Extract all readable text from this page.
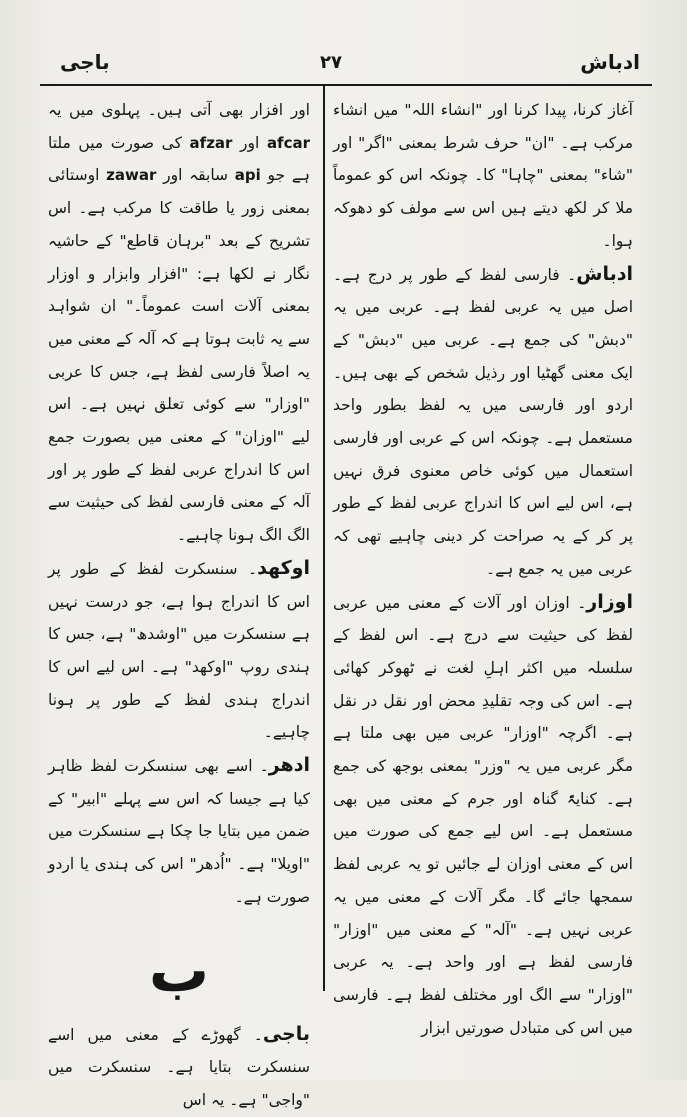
ادباش
۲۷
باجی

آغاز کرنا، پیدا کرنا اور "انشاء اللہ" میں انشاء مرکب ہے۔ "ان" حرف شرط بمعنی "اگر" اور "شاء" بمعنی "چاہا" کا۔ چونکہ اس کو عموماً ملا کر لکھ دیتے ہیں اس سے مولف کو دھوکہ ہوا۔

ادباش۔ فارسی لفظ کے طور پر درج ہے۔ اصل میں یہ عربی لفظ ہے۔ عربی میں یہ "دبش" کی جمع ہے۔ عربی میں "دبش" کے ایک معنی گھٹیا اور رذیل شخص کے بھی ہیں۔ اردو اور فارسی میں یہ لفظ بطور واحد مستعمل ہے۔ چونکہ اس کے عربی اور فارسی استعمال میں کوئی خاص معنوی فرق نہیں ہے، اس لیے اس کا اندراج عربی لفظ کے طور پر کر کے یہ صراحت کر دینی چاہیے تھی کہ عربی میں یہ جمع ہے۔

اوزار۔ اوزان اور آلات کے معنی میں عربی لفظ کی حیثیت سے درج ہے۔ اس لفظ کے سلسلہ میں اکثر اہلِ لغت نے ٹھوکر کھائی ہے۔ اس کی وجہ تقلیدِ محض اور نقل در نقل ہے۔ اگرچہ "اوزار" عربی میں بھی ملتا ہے مگر عربی میں یہ "وزر" بمعنی بوجھ کی جمع ہے۔ کنایۃً گناہ اور جرم کے معنی میں بھی مستعمل ہے۔ اس لیے جمع کی صورت میں اس کے معنی اوزان لے جائیں تو یہ عربی لفظ سمجھا جائے گا۔ مگر آلات کے معنی میں یہ عربی نہیں ہے۔ "آلہ" کے معنی میں "اوزار" فارسی لفظ ہے اور واحد ہے۔ یہ عربی "اوزار" سے الگ اور مختلف لفظ ہے۔ فارسی میں اس کی متبادل صورتیں ابزار

اور افزار بھی آتی ہیں۔ پہلوی میں یہ afcar اور afzar کی صورت میں ملتا ہے جو api سابقہ اور zawar اوستائی بمعنی زور یا طاقت کا مرکب ہے۔ اس تشریح کے بعد "برہان قاطع" کے حاشیہ نگار نے لکھا ہے: "افزار وابزار و اوزار بمعنی آلات است عموماً۔" ان شواہد سے یہ ثابت ہوتا ہے کہ آلہ کے معنی میں یہ اصلاً فارسی لفظ ہے، جس کا عربی "اوزار" سے کوئی تعلق نہیں ہے۔ اس لیے "اوزان" کے معنی میں بصورت جمع اس کا اندراج عربی لفظ کے طور پر اور آلہ کے معنی فارسی لفظ کی حیثیت سے الگ الگ ہونا چاہیے۔

اوکھد۔ سنسکرت لفظ کے طور پر اس کا اندراج ہوا ہے، جو درست نہیں ہے سنسکرت میں "اوشدھ" ہے، جس کا ہندی روپ "اوکھد" ہے۔ اس لیے اس کا اندراج ہندی لفظ کے طور پر ہونا چاہیے۔

ادھر۔ اسے بھی سنسکرت لفظ ظاہر کیا ہے جیسا کہ اس سے پہلے "ابیر" کے ضمن میں بتایا جا چکا ہے سنسکرت میں "اویلا" ہے۔ "اُدھر" اس کی ہندی یا اردو صورت ہے۔

ب

باجی۔ گھوڑے کے معنی میں اسے سنسکرت بتایا ہے۔ سنسکرت میں "واجی" ہے۔ یہ اس
